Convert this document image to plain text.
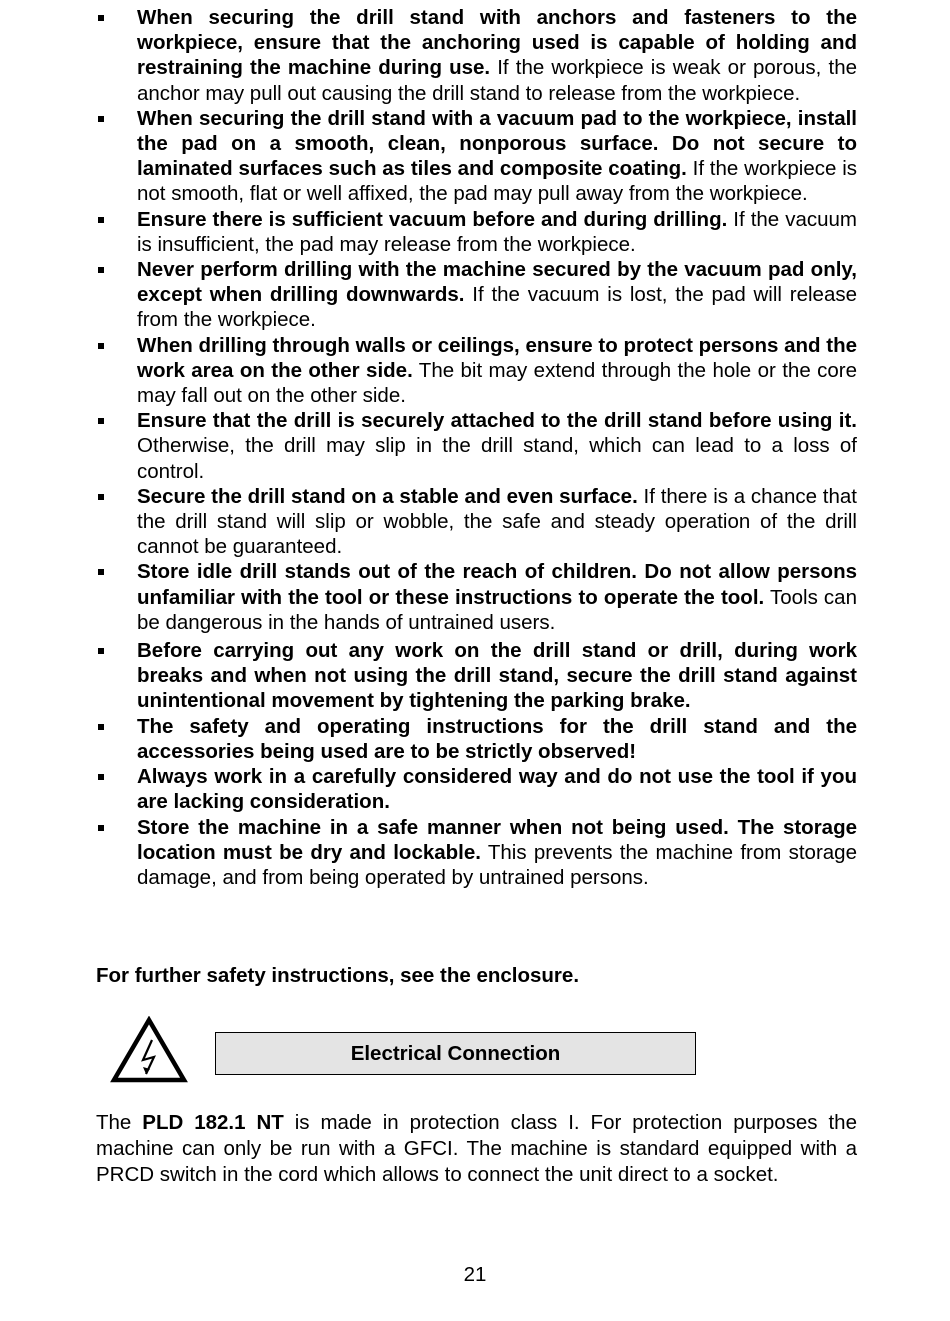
When securing the drill stand with anchors and fasteners to the workpiece, ensure that the anchoring used is capable of holding and restraining the machine during use. If the workpiece is weak or porous, the anchor may pull out causing the drill stand to release from the workpiece.
When securing the drill stand with a vacuum pad to the workpiece, install the pad on a smooth, clean, nonporous surface. Do not secure to laminated surfaces such as tiles and composite coating. If the workpiece is not smooth, flat or well affixed, the pad may pull away from the workpiece.
Ensure there is sufficient vacuum before and during drilling. If the vacuum is insufficient, the pad may release from the workpiece.
Never perform drilling with the machine secured by the vacuum pad only, except when drilling downwards. If the vacuum is lost, the pad will release from the workpiece.
When drilling through walls or ceilings, ensure to protect persons and the work area on the other side. The bit may extend through the hole or the core may fall out on the other side.
Ensure that the drill is securely attached to the drill stand before using it. Otherwise, the drill may slip in the drill stand, which can lead to a loss of control.
Secure the drill stand on a stable and even surface. If there is a chance that the drill stand will slip or wobble, the safe and steady operation of the drill cannot be guaranteed.
Store idle drill stands out of the reach of children. Do not allow persons unfamiliar with the tool or these instructions to operate the tool. Tools can be dangerous in the hands of untrained users.
Before carrying out any work on the drill stand or drill, during work breaks and when not using the drill stand, secure the drill stand against unintentional movement by tightening the parking brake.
The safety and operating instructions for the drill stand and the accessories being used are to be strictly observed!
Always work in a carefully considered way and do not use the tool if you are lacking consideration.
Store the machine in a safe manner when not being used. The storage location must be dry and lockable. This prevents the machine from storage damage, and from being operated by untrained persons.

For further safety instructions, see the enclosure.

Electrical Connection

The PLD 182.1 NT is made in protection class I. For protection purposes the machine can only be run with a GFCI. The machine is standard equipped with a PRCD switch in the cord which allows to connect the unit direct to a socket.

21
